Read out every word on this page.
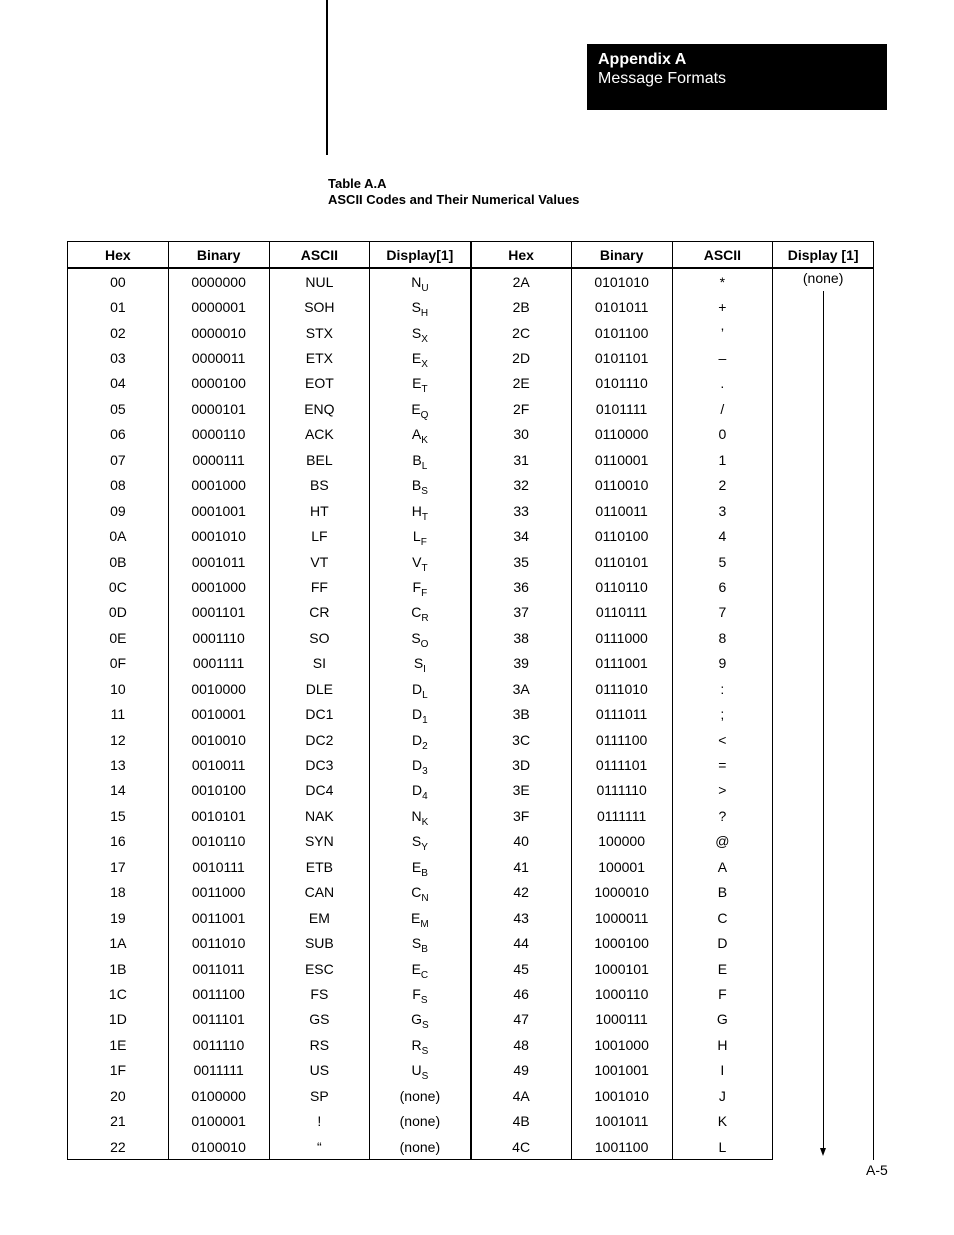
Appendix A
Message Formats
Table A.A
ASCII Codes and Their Numerical Values
Hex	Binary	ASCII	Display[1]	Hex	Binary	ASCII	Display [1]
00	0000000	NUL	$N_U$	2A	0101010	*	(none)

01	0000001	SOH	$S_H$	2B	0101011	+	
02	0000010	STX	$S_X$	2C	0101100	’	
03	0000011	ETX	$E_X$	2D	0101101	–	
04	0000100	EOT	$E_T$	2E	0101110	.	
05	0000101	ENQ	$E_Q$	2F	0101111	/	
06	0000110	ACK	$A_K$	30	0110000	0	
07	0000111	BEL	$B_L$	31	0110001	1	
08	0001000	BS	$B_S$	32	0110010	2	
09	0001001	HT	$H_T$	33	0110011	3	
0A	0001010	LF	$L_F$	34	0110100	4	
0B	0001011	VT	$V_T$	35	0110101	5	
0C	0001000	FF	$F_F$	36	0110110	6	
0D	0001101	CR	$C_R$	37	0110111	7	
0E	0001110	SO	$S_O$	38	0111000	8	
0F	0001111	SI	$S_I$	39	0111001	9	
10	0010000	DLE	$D_L$	3A	0111010	:	
11	0010001	DC1	$D_1$	3B	0111011	;	
12	0010010	DC2	$D_2$	3C	0111100	<	
13	0010011	DC3	$D_3$	3D	0111101	=	
14	0010100	DC4	$D_4$	3E	0111110	>	
15	0010101	NAK	$N_K$	3F	0111111	?	
16	0010110	SYN	$S_Y$	40	100000	@	
17	0010111	ETB	$E_B$	41	100001	A	
18	0011000	CAN	$C_N$	42	1000010	B	
19	0011001	EM	$E_M$	43	1000011	C	
1A	0011010	SUB	$S_B$	44	1000100	D	
1B	0011011	ESC	$E_C$	45	1000101	E	
1C	0011100	FS	$F_S$	46	1000110	F	
1D	0011101	GS	$G_S$	47	1000111	G	
1E	0011110	RS	$R_S$	48	1001000	H	
1F	0011111	US	$U_S$	49	1001001	I	
20	0100000	SP	(none)	4A	1001010	J	
21	0100001	!	(none)	4B	1001011	K	
22	0100010	“	(none)	4C	1001100	L	
A-5
